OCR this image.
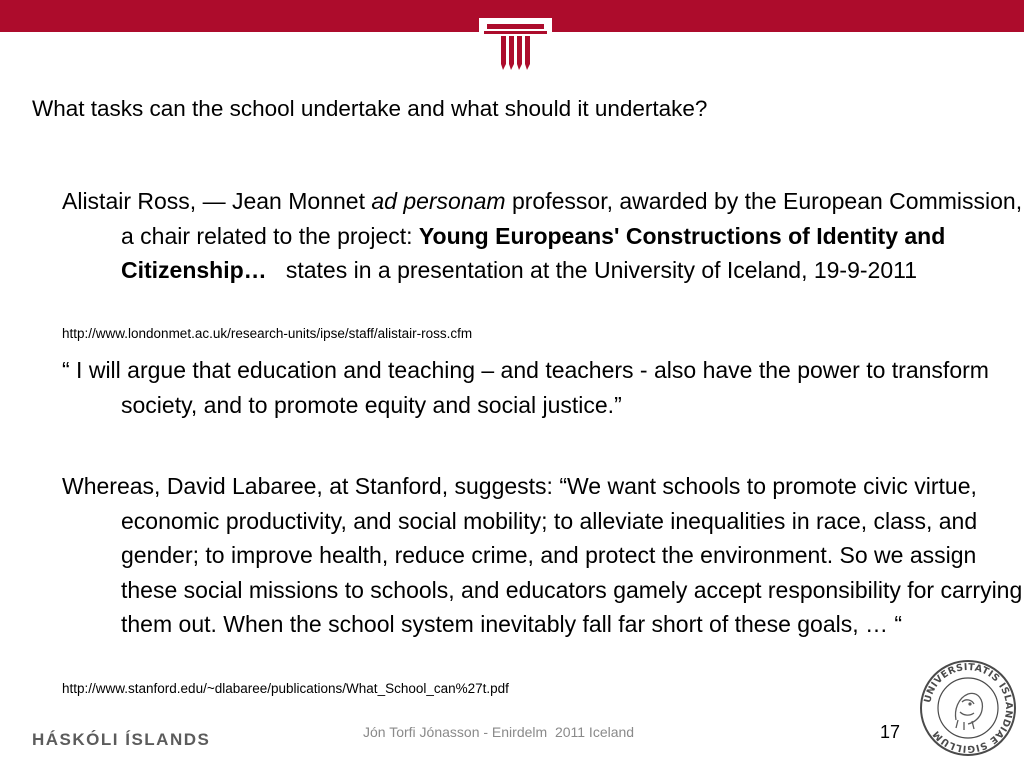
What tasks can the school undertake and what should it undertake?
Alistair Ross, — Jean Monnet ad personam professor, awarded by the European Commission,  a chair related to the project: Young Europeans' Constructions of Identity and Citizenship…   states in a presentation at the University of Iceland, 19-9-2011
http://www.londonmet.ac.uk/research-units/ipse/staff/alistair-ross.cfm
“ I will argue that education and teaching – and teachers - also have the power to transform society, and to promote equity and social justice.”
Whereas, David Labaree, at Stanford, suggests: “We want schools to promote civic virtue, economic productivity, and social mobility; to alleviate inequalities in race, class, and gender; to improve health, reduce crime, and protect the environment. So we assign these social missions to schools, and educators gamely accept responsibility for carrying them out. When the school system inevitably fall far short of these goals, … “
http://www.stanford.edu/~dlabaree/publications/What_School_can%27t.pdf
HÁSKÓLI ÍSLANDS	Jón Torfi Jónasson - Enirdelm  2011 Iceland	17
UNIVERSITATIS ISLANDIAE SIGILLUM
